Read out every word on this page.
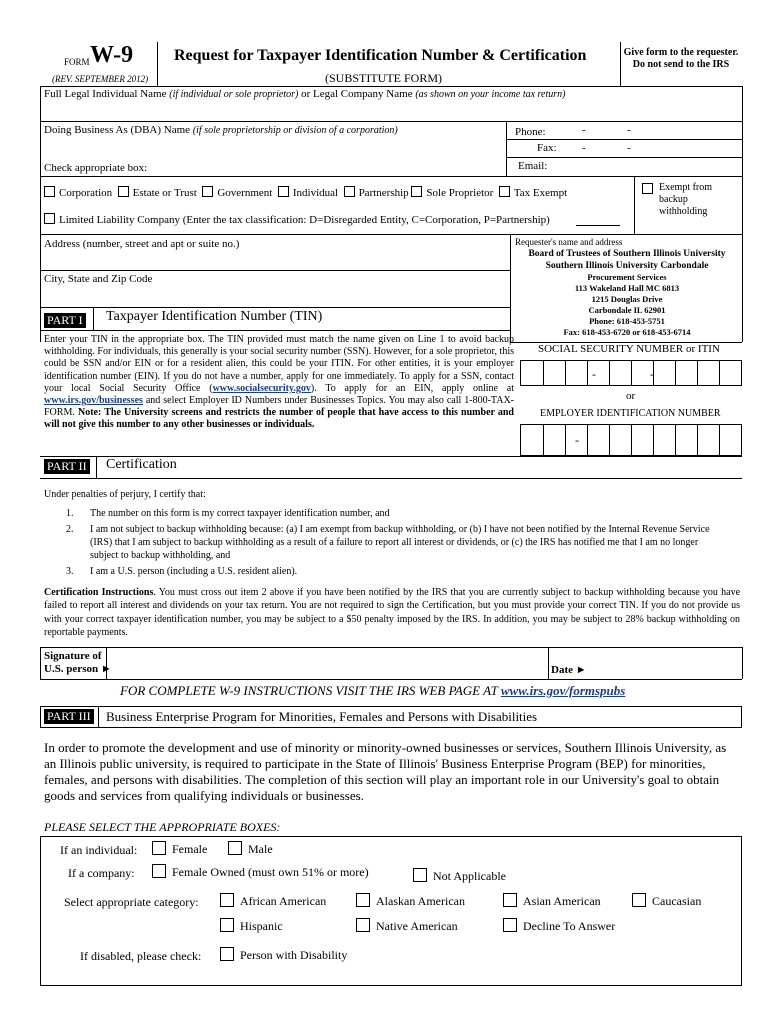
FORM W-9
(REV. SEPTEMBER 2012)
Request for Taxpayer Identification Number & Certification
(SUBSTITUTE FORM)
Give form to the requester. Do not send to the IRS
Full Legal Individual Name (if individual or sole proprietor) or Legal Company Name (as shown on your income tax return)
Doing Business As (DBA) Name (if sole proprietorship or division of a corporation)	Phone:	-	-
Fax: -	-
Email:
Check appropriate box:
Corporation Estate or Trust Government Individual Partnership Sole Proprietor Tax Exempt	Exempt from backup withholding
Limited Liability Company (Enter the tax classification: D=Disregarded Entity, C=Corporation, P=Partnership)
Address (number, street and apt or suite no.)
City, State and Zip Code
Requester's name and address
Board of Trustees of Southern Illinois University
Southern Illinois University Carbondale
Procurement Services
113 Wakeland Hall MC 6813
1215 Douglas Drive
Carbondale IL 62901
Phone: 618-453-5751
Fax: 618-453-6720 or 618-453-6714
PART I Taxpayer Identification Number (TIN)
Enter your TIN in the appropriate box. The TIN provided must match the name given on Line 1 to avoid backup withholding. For individuals, this generally is your social security number (SSN). However, for a sole proprietor, this could be SSN and/or EIN or for a resident alien, this could be your ITIN. For other entities, it is your employer identification number (EIN). If you do not have a number, apply for one immediately. To apply for a SSN, contact your local Social Security Office (www.socialsecurity.gov). To apply for an EIN, apply online at www.irs.gov/businesses and select Employer ID Numbers under Businesses Topics. You may also call 1-800-TAX-FORM. Note: The University screens and restricts the number of people that have access to this number and will not give this number to any other businesses or individuals.
SOCIAL SECURITY NUMBER or ITIN
-	-
or
EMPLOYER IDENTIFICATION NUMBER
-
PART II Certification
Under penalties of perjury, I certify that:
1. The number on this form is my correct taxpayer identification number, and
2. I am not subject to backup withholding because: (a) I am exempt from backup withholding, or (b) I have not been notified by the Internal Revenue Service (IRS) that I am subject to backup withholding as a result of a failure to report all interest or dividends, or (c) the IRS has notified me that I am no longer subject to backup withholding, and
3. I am a U.S. person (including a U.S. resident alien).
Certification Instructions. You must cross out item 2 above if you have been notified by the IRS that you are currently subject to backup withholding because you have failed to report all interest and dividends on your tax return. You are not required to sign the Certification, but you must provide your correct TIN. If you do not provide us with your correct taxpayer identification number, you may be subject to a $50 penalty imposed by the IRS. In addition, you may be subject to 28% backup withholding on reportable payments.
Signature of
U.S. person ►	Date ►
FOR COMPLETE W-9 INSTRUCTIONS VISIT THE IRS WEB PAGE AT www.irs.gov/formspubs
PART III Business Enterprise Program for Minorities, Females and Persons with Disabilities
In order to promote the development and use of minority or minority-owned businesses or services, Southern Illinois University, as an Illinois public university, is required to participate in the State of Illinois' Business Enterprise Program (BEP) for minorities, females, and persons with disabilities. The completion of this section will play an important role in our University's goal to obtain goods and services from qualifying individuals or businesses.
PLEASE SELECT THE APPROPRIATE BOXES:
If an individual:	Female	Male
If a company:	Female Owned (must own 51% or more)	Not Applicable
Select appropriate category:	African American	Alaskan American	Asian American	Caucasian
Hispanic	Native American	Decline To Answer
If disabled, please check:	Person with Disability
